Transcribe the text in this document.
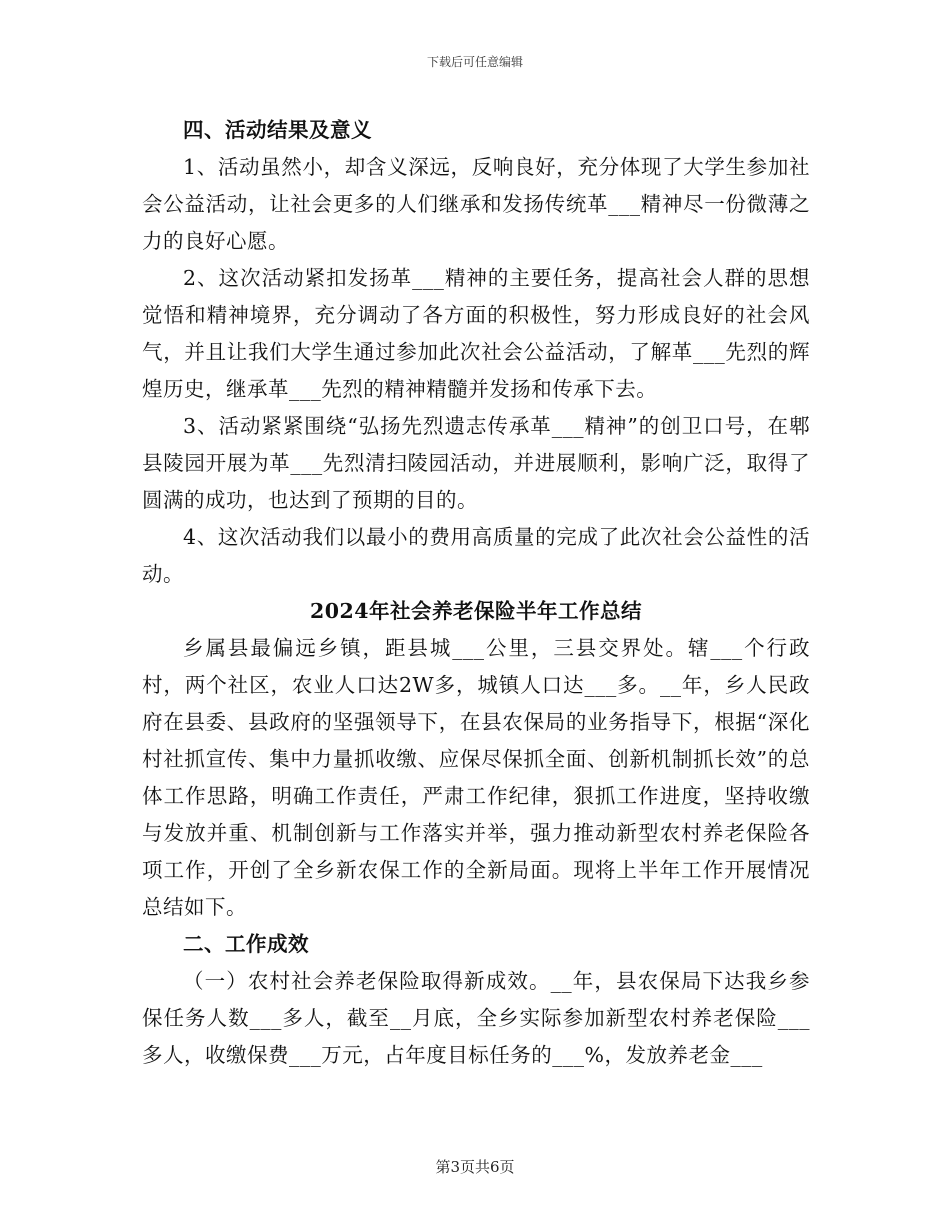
下载后可任意编辑

四、活动结果及意义

1、活动虽然小，却含义深远，反响良好，充分体现了大学生参加社会公益活动，让社会更多的人们继承和发扬传统革___精神尽一份微薄之力的良好心愿。

2、这次活动紧扣发扬革___精神的主要任务，提高社会人群的思想觉悟和精神境界，充分调动了各方面的积极性，努力形成良好的社会风气，并且让我们大学生通过参加此次社会公益活动，了解革___先烈的辉煌历史，继承革___先烈的精神精髓并发扬和传承下去。

3、活动紧紧围绕“弘扬先烈遗志传承革___精神”的创卫口号，在郫县陵园开展为革___先烈清扫陵园活动，并进展顺利，影响广泛，取得了圆满的成功，也达到了预期的目的。

4、这次活动我们以最小的费用高质量的完成了此次社会公益性的活动。

2024年社会养老保险半年工作总结

乡属县最偏远乡镇，距县城___公里，三县交界处。辖___个行政村，两个社区，农业人口达2W多，城镇人口达___多。__年，乡人民政府在县委、县政府的坚强领导下，在县农保局的业务指导下，根据“深化村社抓宣传、集中力量抓收缴、应保尽保抓全面、创新机制抓长效”的总体工作思路，明确工作责任，严肃工作纪律，狠抓工作进度，坚持收缴与发放并重、机制创新与工作落实并举，强力推动新型农村养老保险各项工作，开创了全乡新农保工作的全新局面。现将上半年工作开展情况总结如下。

二、工作成效

（一）农村社会养老保险取得新成效。__年，县农保局下达我乡参保任务人数___多人，截至__月底，全乡实际参加新型农村养老保险___多人，收缴保费___万元，占年度目标任务的___%，发放养老金___

第3页共6页
